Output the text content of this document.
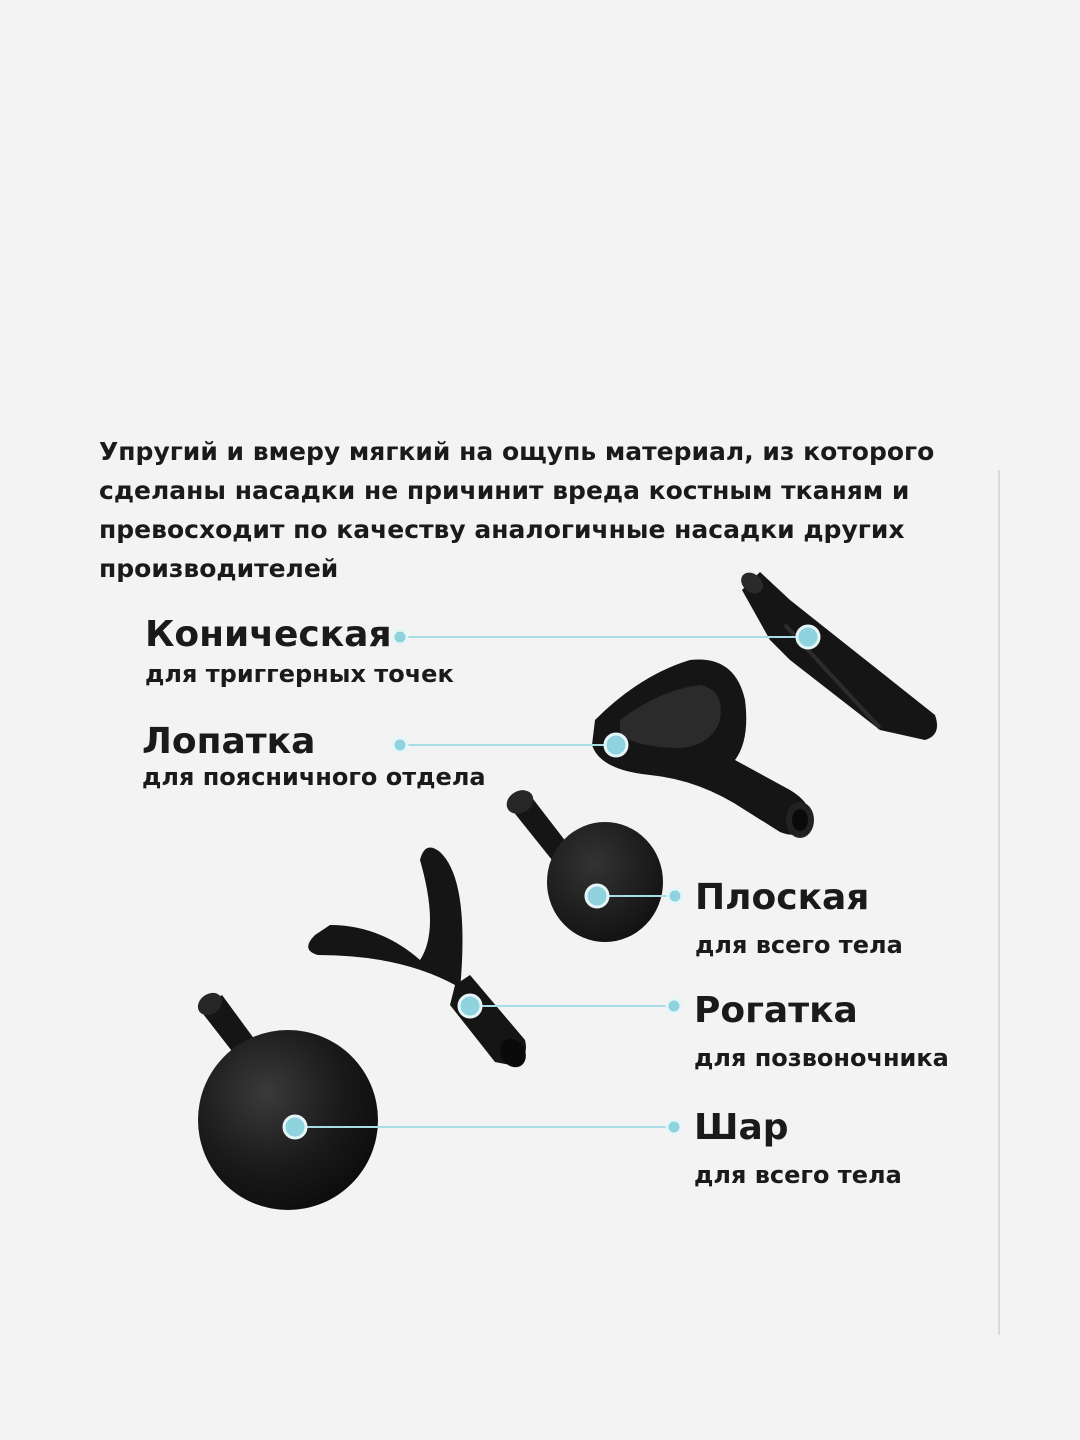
Упругий и вмеру мягкий на ощупь материал, из которого сделаны насадки не причинит вреда костным тканям и превосходит по качеству аналогичные насадки других производителей
Коническая
для триггерных точек
Лопатка
для поясничного отдела
Плоская
для всего тела
Рогатка
для позвоночника
Шар
для всего тела
